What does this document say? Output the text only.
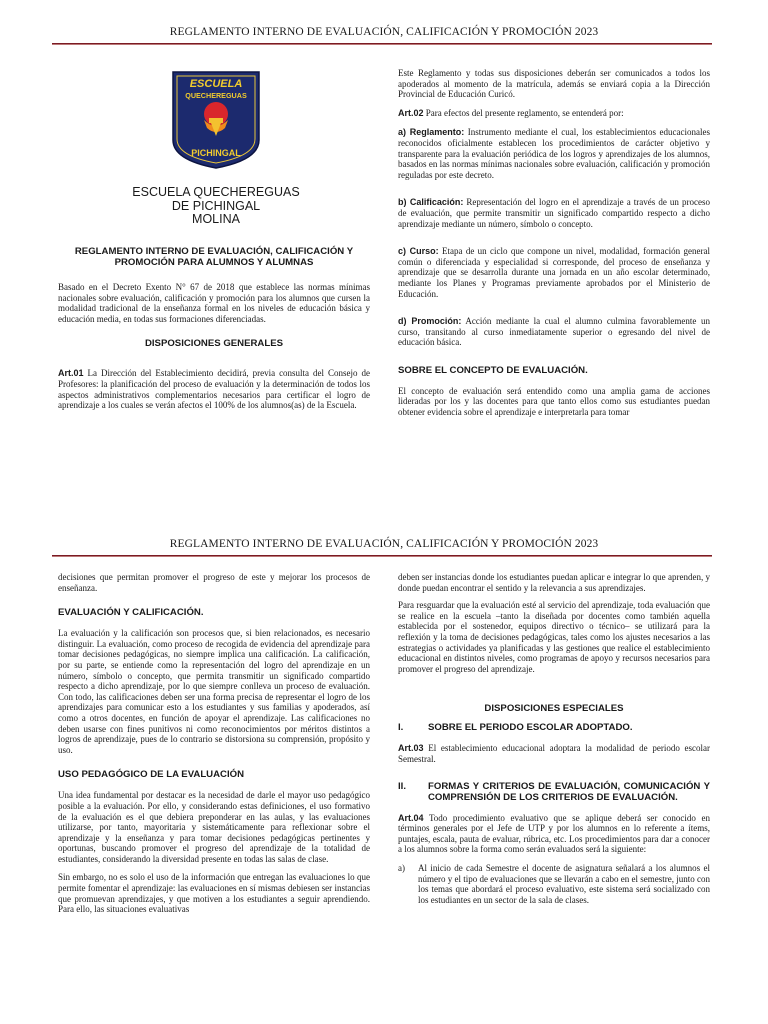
REGLAMENTO INTERNO DE EVALUACIÓN, CALIFICACIÓN Y PROMOCIÓN 2023
ESCUELA
QUECHEREGUAS
PICHINGAL
ESCUELA QUECHEREGUAS
DE PICHINGAL
MOLINA
REGLAMENTO INTERNO DE EVALUACIÓN, CALIFICACIÓN Y
PROMOCIÓN PARA ALUMNOS Y ALUMNAS

Basado en el Decreto Exento N° 67 de 2018 que establece las normas mínimas nacionales sobre evaluación, calificación y promoción para los alumnos que cursen la modalidad tradicional de la enseñanza formal en los niveles de educación básica y educación media, en todas sus formaciones diferenciadas.

DISPOSICIONES GENERALES

Art.01 La Dirección del Establecimiento decidirá, previa consulta del Consejo de Profesores: la planificación del proceso de evaluación y la determinación de todos los aspectos administrativos complementarios necesarios para certificar el logro de aprendizaje a los cuales se verán afectos el 100% de los alumnos(as) de la Escuela.

Este Reglamento y todas sus disposiciones deberán ser comunicados a todos los apoderados al momento de la matrícula, además se enviará copia a la Dirección Provincial de Educación Curicó.

Art.02 Para efectos del presente reglamento, se entenderá por:

a) Reglamento: Instrumento mediante el cual, los establecimientos educacionales reconocidos oficialmente establecen los procedimientos de carácter objetivo y transparente para la evaluación periódica de los logros y aprendizajes de los alumnos, basados en las normas mínimas nacionales sobre evaluación, calificación y promoción reguladas por este decreto.

b) Calificación: Representación del logro en el aprendizaje a través de un proceso de evaluación, que permite transmitir un significado compartido respecto a dicho aprendizaje mediante un número, símbolo o concepto.

c) Curso: Etapa de un ciclo que compone un nivel, modalidad, formación general común o diferenciada y especialidad si corresponde, del proceso de enseñanza y aprendizaje que se desarrolla durante una jornada en un año escolar determinado, mediante los Planes y Programas previamente aprobados por el Ministerio de Educación.

d) Promoción: Acción mediante la cual el alumno culmina favorablemente un curso, transitando al curso inmediatamente superior o egresando del nivel de educación básica.

SOBRE EL CONCEPTO DE EVALUACIÓN.

El concepto de evaluación será entendido como una amplia gama de acciones lideradas por los y las docentes para que tanto ellos como sus estudiantes puedan obtener evidencia sobre el aprendizaje e interpretarla para tomar

REGLAMENTO INTERNO DE EVALUACIÓN, CALIFICACIÓN Y PROMOCIÓN 2023

decisiones que permitan promover el progreso de este y mejorar los procesos de enseñanza.

EVALUACIÓN Y CALIFICACIÓN.

La evaluación y la calificación son procesos que, si bien relacionados, es necesario distinguir. La evaluación, como proceso de recogida de evidencia del aprendizaje para tomar decisiones pedagógicas, no siempre implica una calificación. La calificación, por su parte, se entiende como la representación del logro del aprendizaje en un número, símbolo o concepto, que permita transmitir un significado compartido respecto a dicho aprendizaje, por lo que siempre conlleva un proceso de evaluación. Con todo, las calificaciones deben ser una forma precisa de representar el logro de los aprendizajes para comunicar esto a los estudiantes y sus familias y apoderados, así como a otros docentes, en función de apoyar el aprendizaje. Las calificaciones no deben usarse con fines punitivos ni como reconocimientos por méritos distintos a logros de aprendizaje, pues de lo contrario se distorsiona su comprensión, propósito y uso.

USO PEDAGÓGICO DE LA EVALUACIÓN

Una idea fundamental por destacar es la necesidad de darle el mayor uso pedagógico posible a la evaluación. Por ello, y considerando estas definiciones, el uso formativo de la evaluación es el que debiera preponderar en las aulas, y las evaluaciones utilizarse, por tanto, mayoritaria y sistemáticamente para reflexionar sobre el aprendizaje y la enseñanza y para tomar decisiones pedagógicas pertinentes y oportunas, buscando promover el progreso del aprendizaje de la totalidad de estudiantes, considerando la diversidad presente en todas las salas de clase.

Sin embargo, no es solo el uso de la información que entregan las evaluaciones lo que permite fomentar el aprendizaje: las evaluaciones en sí mismas debiesen ser instancias que promuevan aprendizajes, y que motiven a los estudiantes a seguir aprendiendo. Para ello, las situaciones evaluativas

deben ser instancias donde los estudiantes puedan aplicar e integrar lo que aprenden, y donde puedan encontrar el sentido y la relevancia a sus aprendizajes.

Para resguardar que la evaluación esté al servicio del aprendizaje, toda evaluación que se realice en la escuela –tanto la diseñada por docentes como también aquella establecida por el sostenedor, equipos directivo o técnico– se utilizará para la reflexión y la toma de decisiones pedagógicas, tales como los ajustes necesarios a las estrategias o actividades ya planificadas y las gestiones que realice el establecimiento educacional en distintos niveles, como programas de apoyo y recursos necesarios para promover el progreso del aprendizaje.

DISPOSICIONES ESPECIALES
I.	SOBRE EL PERIODO ESCOLAR ADOPTADO.

Art.03 El establecimiento educacional adoptara la modalidad de periodo escolar Semestral.

II.	FORMAS Y CRITERIOS DE EVALUACIÓN, COMUNICACIÓN Y COMPRENSIÓN DE LOS CRITERIOS DE EVALUACIÓN.

Art.04 Todo procedimiento evaluativo que se aplique deberá ser conocido en términos generales por el Jefe de UTP y por los alumnos en lo referente a ítems, puntajes, escala, pauta de evaluar, rúbrica, etc. Los procedimientos para dar a conocer a los alumnos sobre la forma como serán evaluados será la siguiente:

a)	Al inicio de cada Semestre el docente de asignatura señalará a los alumnos el número y el tipo de evaluaciones que se llevarán a cabo en el semestre, junto con los temas que abordará el proceso evaluativo, este sistema será socializado con los estudiantes en un sector de la sala de clases.
